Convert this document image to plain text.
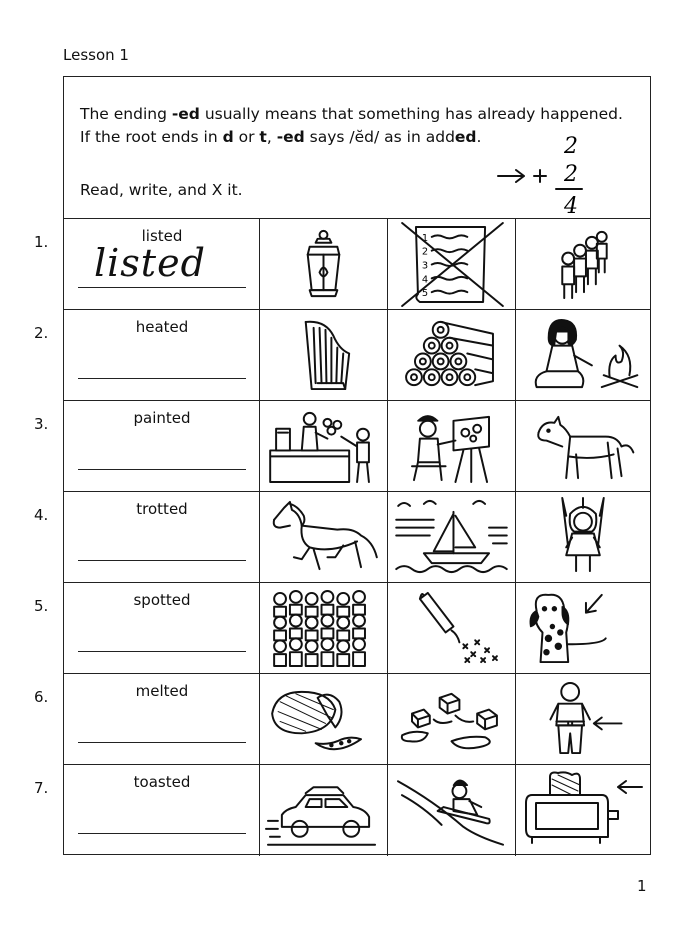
Lesson 1
The ending -ed usually means that something has already happened.
If the root ends in d or t, -ed says /ĕd/ as in added.
Read, write, and X it.
2
2
4
listed
listed
1
2
3
4
5
1.
heated
2.
painted
3.
trotted
4.
spotted
5.
melted
6.
toasted
7.
1
